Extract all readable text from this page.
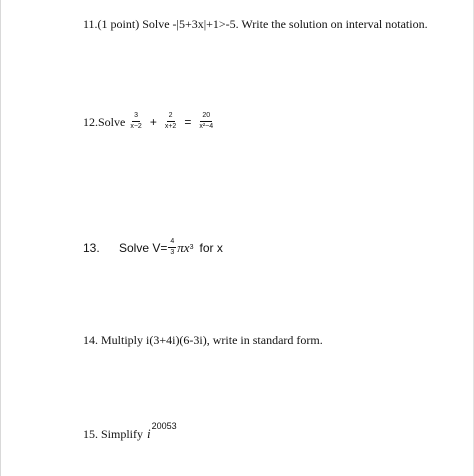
11.(1 point) Solve -|5+3x|+1>-5. Write the solution on interval notation.
12.Solve $\frac{3}{x-2} + \frac{2}{x+2} = \frac{20}{\text{x²−4}}$
13.	Solve $V= \frac{4}{3}$ π x 3 for x
14. Multiply i(3+4i)(6-3i), write in standard form.
15. Simplify i 20053
